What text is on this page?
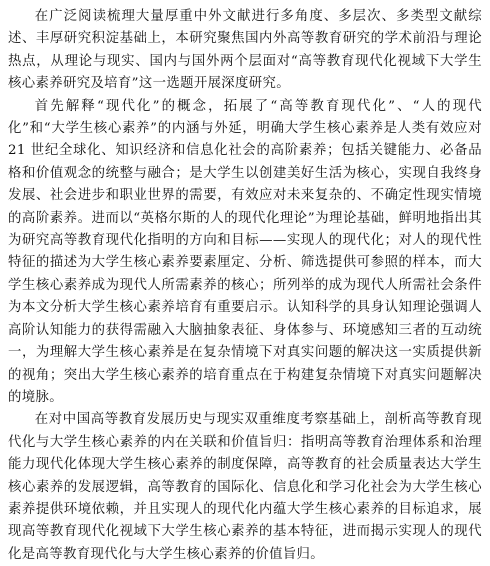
在广泛阅读梳理大量厚重中外文献进行多角度、多层次、多类型文献综述、丰厚研究积淀基础上，本研究聚焦国内外高等教育研究的学术前沿与理论热点，从理论与现实、国内与国外两个层面对“高等教育现代化视域下大学生核心素养研究及培育”这一选题开展深度研究。

首先解释“现代化”的概念，拓展了“高等教育现代化”、“人的现代化”和“大学生核心素养”的内涵与外延，明确大学生核心素养是人类有效应对 21 世纪全球化、知识经济和信息化社会的高阶素养；包括关键能力、必备品格和价值观念的统整与融合；是大学生以创建美好生活为核心，实现自我终身发展、社会进步和职业世界的需要，有效应对未来复杂的、不确定性现实情境的高阶素养。进而以“英格尔斯的人的现代化理论”为理论基础，鲜明地指出其为研究高等教育现代化指明的方向和目标——实现人的现代化；对人的现代性特征的描述为大学生核心素养要素厘定、分析、筛选提供可参照的样本，而大学生核心素养成为现代人所需素养的核心；所列举的成为现代人所需社会条件为本文分析大学生核心素养培育有重要启示。认知科学的具身认知理论强调人高阶认知能力的获得需融入大脑抽象表征、身体参与、环境感知三者的互动统一，为理解大学生核心素养是在复杂情境下对真实问题的解决这一实质提供新的视角；突出大学生核心素养的培育重点在于构建复杂情境下对真实问题解决的境脉。

在对中国高等教育发展历史与现实双重维度考察基础上，剖析高等教育现代化与大学生核心素养的内在关联和价值旨归：指明高等教育治理体系和治理能力现代化体现大学生核心素养的制度保障，高等教育的社会质量表达大学生核心素养的发展逻辑，高等教育的国际化、信息化和学习化社会为大学生核心素养提供环境依赖，并且实现人的现代化内蕴大学生核心素养的目标追求，展现高等教育现代化视域下大学生核心素养的基本特征，进而揭示实现人的现代化是高等教育现代化与大学生核心素养的价值旨归。
